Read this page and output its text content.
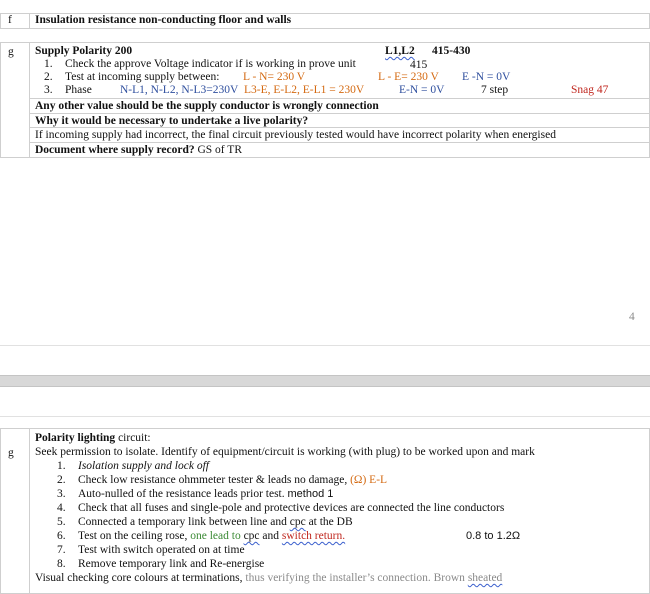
f Insulation resistance non-conducting floor and walls
g Supply Polarity 200	L1,L2 415-430
1. Check the approve Voltage indicator if is working in prove unit	415
2. Test at incoming supply between: L - N= 230 V	L - E= 230 V E -N = 0V
3. Phase N-L1, N-L2, N-L3=230V L3-E, E-L2, E-L1 = 230V	E-N = 0V	7 step	Snag 47
Any other value should be the supply conductor is wrongly connection
Why it would be necessary to undertake a live polarity?
If incoming supply had incorrect, the final circuit previously tested would have incorrect polarity when energised
Document where supply record? GS of TR
4
g
Polarity lighting circuit:
Seek permission to isolate. Identify of equipment/circuit is working (with plug) to be worked upon and mark
1. Isolation supply and lock off
2. Check low resistance ohmmeter tester & leads no damage, (Ω) E-L
3. Auto-nulled of the resistance leads prior test. method 1
4. Check that all fuses and single-pole and protective devices are connected the line conductors
5. Connected a temporary link between line and cpc at the DB
6. Test on the ceiling rose, one lead to cpc and switch return.	0.8 to 1.2Ω
7. Test with switch operated on at time
8. Remove temporary link and Re-energise
Visual checking core colours at terminations, thus verifying the installer’s connection. Brown sheated
